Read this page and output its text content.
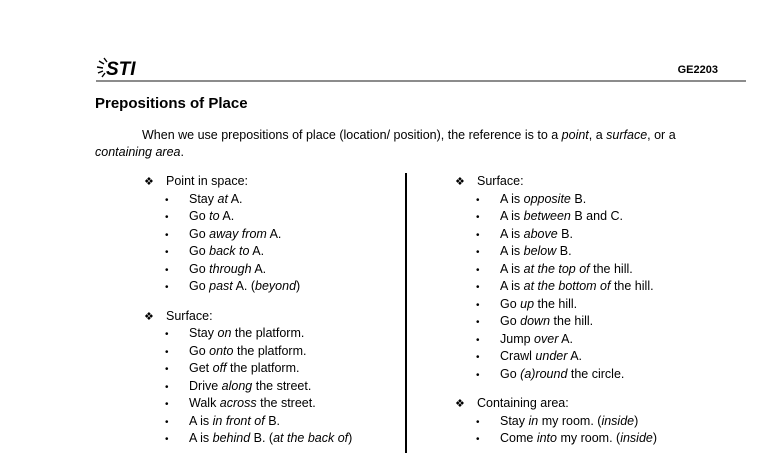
STI	GE2203
Prepositions of Place
When we use prepositions of place (location/ position), the reference is to a point, a surface, or a containing area.
❖ Point in space:
• Stay at A.
• Go to A.
• Go away from A.
• Go back to A.
• Go through A.
• Go past A. (beyond)
❖ Surface:
• Stay on the platform.
• Go onto the platform.
• Get off the platform.
• Drive along the street.
• Walk across the street.
• A is in front of B.
• A is behind B. (at the back of)
❖ Surface:
• A is opposite B.
• A is between B and C.
• A is above B.
• A is below B.
• A is at the top of the hill.
• A is at the bottom of the hill.
• Go up the hill.
• Go down the hill.
• Jump over A.
• Crawl under A.
• Go (a)round the circle.
❖ Containing area:
• Stay in my room. (inside)
• Come into my room. (inside)
